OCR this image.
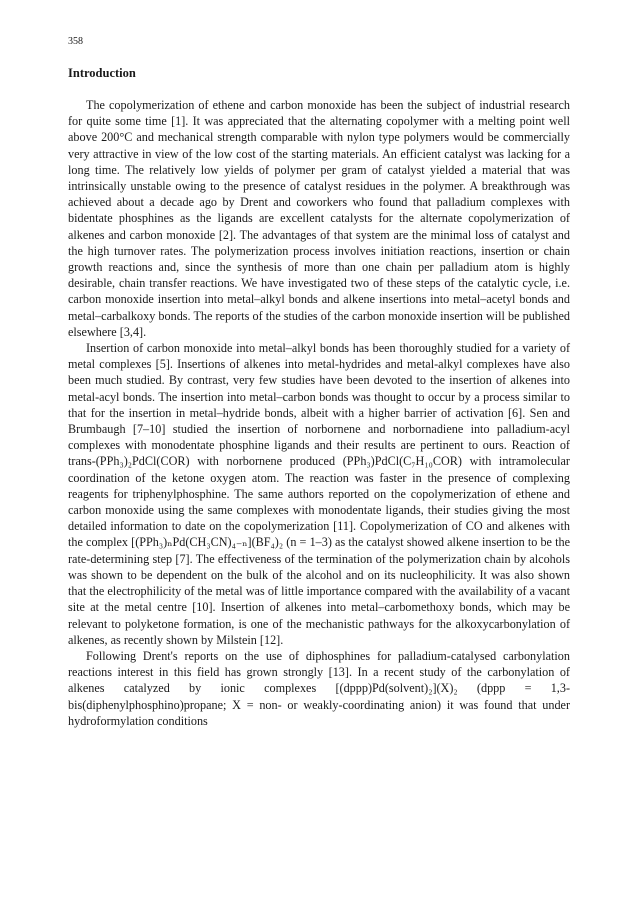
358
Introduction

The copolymerization of ethene and carbon monoxide has been the subject of industrial research for quite some time [1]. It was appreciated that the alternating copolymer with a melting point well above 200°C and mechanical strength comparable with nylon type polymers would be commercially very attractive in view of the low cost of the starting materials. An efficient catalyst was lacking for a long time. The relatively low yields of polymer per gram of catalyst yielded a material that was intrinsically unstable owing to the presence of catalyst residues in the polymer. A breakthrough was achieved about a decade ago by Drent and coworkers who found that palladium complexes with bidentate phosphines as the ligands are excellent catalysts for the alternate copolymerization of alkenes and carbon monoxide [2]. The advantages of that system are the minimal loss of catalyst and the high turnover rates. The polymerization process involves initiation reactions, insertion or chain growth reactions and, since the synthesis of more than one chain per palladium atom is highly desirable, chain transfer reactions. We have investigated two of these steps of the catalytic cycle, i.e. carbon monoxide insertion into metal–alkyl bonds and alkene insertions into metal–acetyl bonds and metal–carbalkoxy bonds. The reports of the studies of the carbon monoxide insertion will be published elsewhere [3,4].

Insertion of carbon monoxide into metal–alkyl bonds has been thoroughly studied for a variety of metal complexes [5]. Insertions of alkenes into metal-hydrides and metal-alkyl complexes have also been much studied. By contrast, very few studies have been devoted to the insertion of alkenes into metal-acyl bonds. The insertion into metal–carbon bonds was thought to occur by a process similar to that for the insertion in metal–hydride bonds, albeit with a higher barrier of activation [6]. Sen and Brumbaugh [7–10] studied the insertion of norbornene and norbornadiene into palladium-acyl complexes with monodentate phosphine ligands and their results are pertinent to ours. Reaction of trans-(PPh₃)₂PdCl(COR) with norbornene produced (PPh₃)PdCl(C₇H₁₀COR) with intramolecular coordination of the ketone oxygen atom. The reaction was faster in the presence of complexing reagents for triphenylphosphine. The same authors reported on the copolymerization of ethene and carbon monoxide using the same complexes with monodentate ligands, their studies giving the most detailed information to date on the copolymerization [11]. Copolymerization of CO and alkenes with the complex [(PPh₃)ₙPd(CH₃CN)₄₋ₙ](BF₄)₂ (n = 1–3) as the catalyst showed alkene insertion to be the rate-determining step [7]. The effectiveness of the termination of the polymerization chain by alcohols was shown to be dependent on the bulk of the alcohol and on its nucleophilicity. It was also shown that the electrophilicity of the metal was of little importance compared with the availability of a vacant site at the metal centre [10]. Insertion of alkenes into metal–carbomethoxy bonds, which may be relevant to polyketone formation, is one of the mechanistic pathways for the alkoxycarbonylation of alkenes, as recently shown by Milstein [12].

Following Drent's reports on the use of diphosphines for palladium-catalysed carbonylation reactions interest in this field has grown strongly [13]. In a recent study of the carbonylation of alkenes catalyzed by ionic complexes [(dppp)Pd(solvent)₂](X)₂ (dppp = 1,3-bis(diphenylphosphino)propane; X = non- or weakly-coordinating anion) it was found that under hydroformylation conditions
